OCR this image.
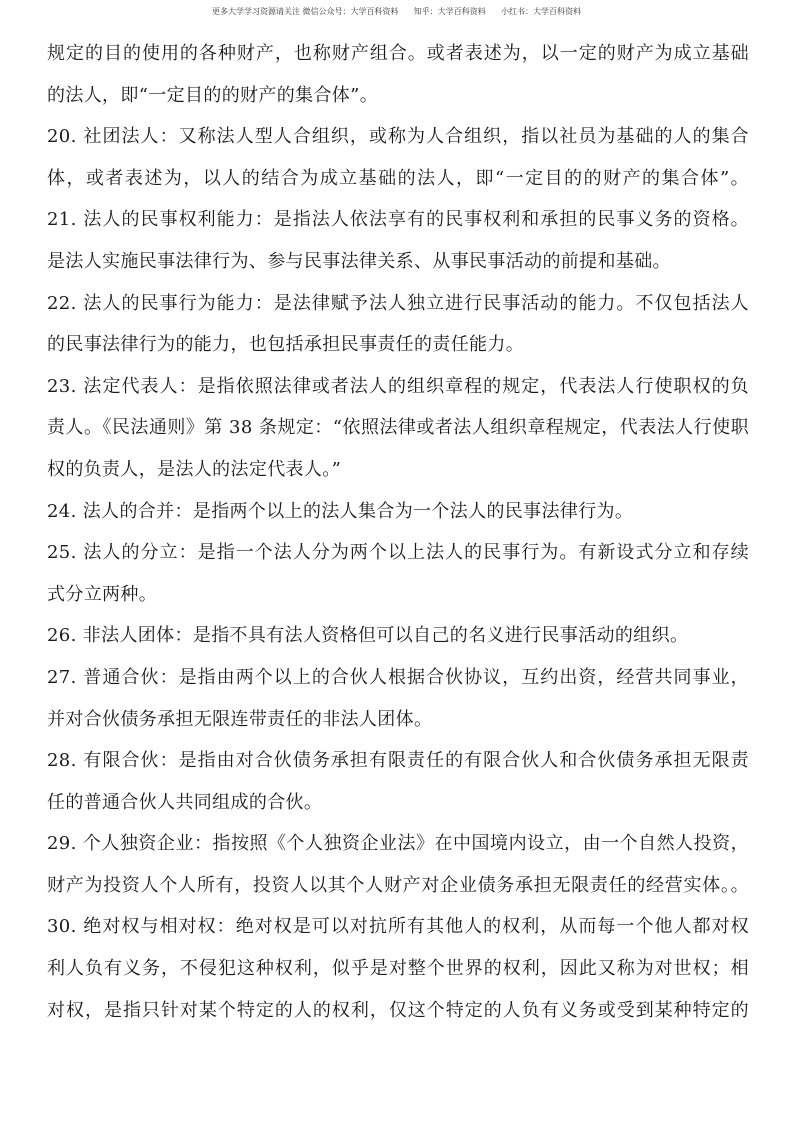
更多大学学习资源请关注 微信公众号：大学百科资料      知乎：大学百科资料      小红书：大学百科资料
规定的目的使用的各种财产，也称财产组合。或者表述为，以一定的财产为成立基础
的法人，即“一定目的的财产的集合体”。
20. 社团法人：又称法人型人合组织，或称为人合组织，指以社员为基础的人的集合
体，或者表述为，以人的结合为成立基础的法人，即“一定目的的财产的集合体”。
21. 法人的民事权利能力：是指法人依法享有的民事权利和承担的民事义务的资格。
是法人实施民事法律行为、参与民事法律关系、从事民事活动的前提和基础。
22. 法人的民事行为能力：是法律赋予法人独立进行民事活动的能力。不仅包括法人
的民事法律行为的能力，也包括承担民事责任的责任能力。
23. 法定代表人：是指依照法律或者法人的组织章程的规定，代表法人行使职权的负
责人。《民法通则》第 38 条规定：“依照法律或者法人组织章程规定，代表法人行使职
权的负责人，是法人的法定代表人。”
24. 法人的合并：是指两个以上的法人集合为一个法人的民事法律行为。
25. 法人的分立：是指一个法人分为两个以上法人的民事行为。有新设式分立和存续
式分立两种。
26. 非法人团体：是指不具有法人资格但可以自己的名义进行民事活动的组织。
27. 普通合伙：是指由两个以上的合伙人根据合伙协议，互约出资，经营共同事业，
并对合伙债务承担无限连带责任的非法人团体。
28. 有限合伙：是指由对合伙债务承担有限责任的有限合伙人和合伙债务承担无限责
任的普通合伙人共同组成的合伙。
29. 个人独资企业：指按照《个人独资企业法》在中国境内设立，由一个自然人投资，
财产为投资人个人所有，投资人以其个人财产对企业债务承担无限责任的经营实体。。
30. 绝对权与相对权：绝对权是可以对抗所有其他人的权利，从而每一个他人都对权
利人负有义务，不侵犯这种权利，似乎是对整个世界的权利，因此又称为对世权；相
对权，是指只针对某个特定的人的权利，仅这个特定的人负有义务或受到某种特定的
